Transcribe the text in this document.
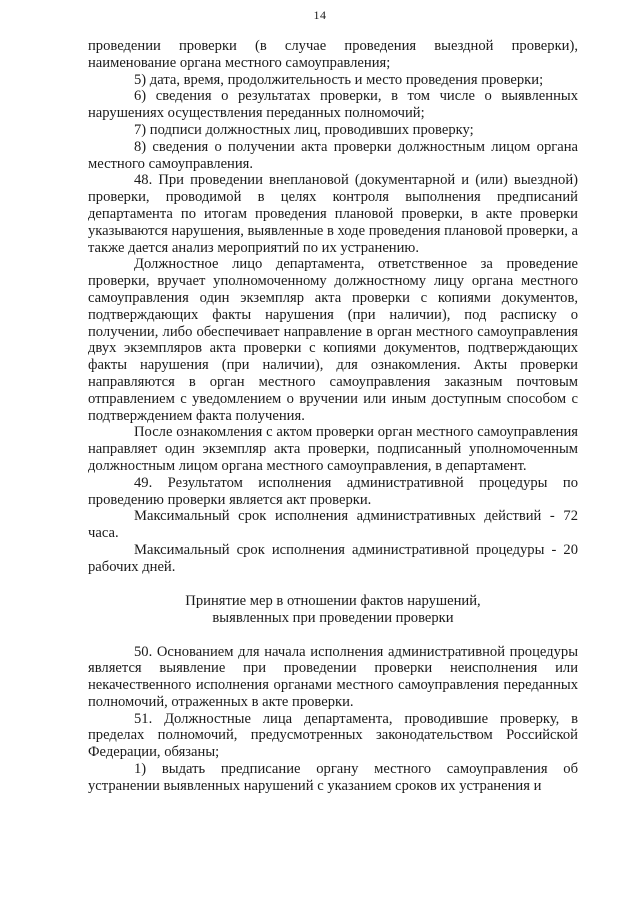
14

проведении проверки (в случае проведения выездной проверки), наименование органа местного самоуправления;

5) дата, время, продолжительность и место проведения проверки;

6) сведения о результатах проверки, в том числе о выявленных нарушениях осуществления переданных полномочий;

7) подписи должностных лиц, проводивших проверку;

8) сведения о получении акта проверки должностным лицом органа местного самоуправления.

48. При проведении внеплановой (документарной и (или) выездной) проверки, проводимой в целях контроля выполнения предписаний департамента по итогам проведения плановой проверки, в акте проверки указываются нарушения, выявленные в ходе проведения плановой проверки, а также дается анализ мероприятий по их устранению.

Должностное лицо департамента, ответственное за проведение проверки, вручает уполномоченному должностному лицу органа местного самоуправления один экземпляр акта проверки с копиями документов, подтверждающих факты нарушения (при наличии), под расписку о получении, либо обеспечивает направление в орган местного самоуправления двух экземпляров акта проверки с копиями документов, подтверждающих факты нарушения (при наличии), для ознакомления. Акты проверки направляются в орган местного самоуправления заказным почтовым отправлением с уведомлением о вручении или иным доступным способом с подтверждением факта получения.

После ознакомления с актом проверки орган местного самоуправления направляет один экземпляр акта проверки, подписанный уполномоченным должностным лицом органа местного самоуправления, в департамент.

49. Результатом исполнения административной процедуры по проведению проверки является акт проверки.

Максимальный срок исполнения административных действий - 72 часа.

Максимальный срок исполнения административной процедуры - 20 рабочих дней.

Принятие мер в отношении фактов нарушений,
выявленных при проведении проверки

50. Основанием для начала исполнения административной процедуры является выявление при проведении проверки неисполнения или некачественного исполнения органами местного самоуправления переданных полномочий, отраженных в акте проверки.

51. Должностные лица департамента, проводившие проверку, в пределах полномочий, предусмотренных законодательством Российской Федерации, обязаны;

1) выдать предписание органу местного самоуправления об устранении выявленных нарушений с указанием сроков их устранения и
